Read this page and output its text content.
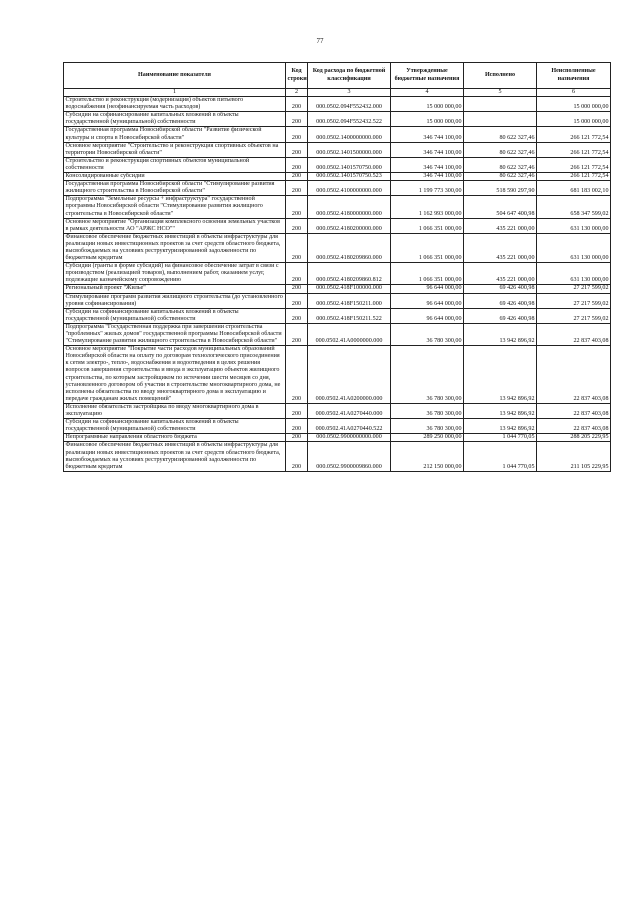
77
Наименование показателя	Код строки	Код расхода по бюджетной классификации	Утвержденные бюджетные назначения	Исполнено	Неисполненные назначения
1	2	3	4	5	6
Строительство и реконструкция (модернизация) объектов питьевого водоснабжения (неофинансируемая часть расходов)	200	000.0502.094F552432.000	15 000 000,00		15 000 000,00
Субсидии на софинансирование капитальных вложений в объекты государственной (муниципальной) собственности	200	000.0502.094F552432.522	15 000 000,00		15 000 000,00
Государственная программа Новосибирской области "Развитие физической культуры и спорта в Новосибирской области"	200	000.0502.1400000000.000	346 744 100,00	80 622 327,46	266 121 772,54
Основное мероприятие "Строительство и реконструкция спортивных объектов на территории Новосибирской области"	200	000.0502.1401500000.000	346 744 100,00	80 622 327,46	266 121 772,54
Строительство и реконструкция спортивных объектов муниципальной собственности	200	000.0502.1401570750.000	346 744 100,00	80 622 327,46	266 121 772,54
Консолидированные субсидии	200	000.0502.1401570750.523	346 744 100,00	80 622 327,46	266 121 772,54
Государственная программа Новосибирской области "Стимулирование развития жилищного строительства в Новосибирской области"	200	000.0502.4100000000.000	1 199 773 300,00	518 590 297,90	681 183 002,10
Подпрограмма "Земельные ресурсы + инфраструктура" государственной программы Новосибирской области "Стимулирование развития жилищного строительства в Новосибирской области"	200	000.0502.4180000000.000	1 162 993 000,00	504 647 400,98	658 347 599,02
Основное мероприятие "Организация комплексного освоения земельных участков в рамках деятельности АО "АРЖС НСО""	200	000.0502.4180200000.000	1 066 351 000,00	435 221 000,00	631 130 000,00
Финансовое обеспечение бюджетных инвестиций в объекты инфраструктуры для реализации новых инвестиционных проектов за счет средств областного бюджета, высвобождаемых на условиях реструктуризированной задолженности по бюджетным кредитам	200	000.0502.4180209860.000	1 066 351 000,00	435 221 000,00	631 130 000,00
Субсидии (гранты в форме субсидий) на финансовое обеспечение затрат в связи с производством (реализацией товаров), выполнением работ, оказанием услуг, подлежащие казначейскому сопровождению	200	000.0502.4180209860.812	1 066 351 000,00	435 221 000,00	631 130 000,00
Региональный проект "Жилье"	200	000.0502.418F100000.000	96 644 000,00	69 426 400,98	27 217 599,02
Стимулирование программ развития жилищного строительства (до установленного уровня софинансирования)	200	000.0502.418F150211.000	96 644 000,00	69 426 400,98	27 217 599,02
Субсидии на софинансирование капитальных вложений в объекты государственной (муниципальной) собственности	200	000.0502.418F150211.522	96 644 000,00	69 426 400,98	27 217 599,02
Подпрограмма "Государственная поддержка при завершении строительства "проблемных" жилых домов" государственной программы Новосибирской области "Стимулирование развития жилищного строительства в Новосибирской области"	200	000.0502.41A0000000.000	36 780 300,00	13 942 896,92	22 837 403,08
Основное мероприятие "Покрытие части расходов муниципальных образований Новосибирской области на оплату по договорам технологического присоединения к сетям электро-, тепло-, водоснабжения и водоотведения в целях решения вопросов завершения строительства и ввода в эксплуатацию объектов жилищного строительства, по которым застройщиком по истечении шести месяцев со дня, установленного договором об участии в строительстве многоквартирного дома, не исполнены обязательства по вводу многоквартирного дома в эксплуатацию и передаче гражданам жилых помещений"	200	000.0502.41A0200000.000	36 780 300,00	13 942 896,92	22 837 403,08
Исполнение обязательств застройщика по вводу многоквартирного дома в эксплуатацию	200	000.0502.41A0270440.000	36 780 300,00	13 942 896,92	22 837 403,08
Субсидии на софинансирование капитальных вложений в объекты государственной (муниципальной) собственности	200	000.0502.41A0270440.522	36 780 300,00	13 942 896,92	22 837 403,08
Непрограммные направления областного бюджета	200	000.0502.9900000000.000	289 250 000,00	1 044 770,05	288 205 229,95
Финансовое обеспечение бюджетных инвестиций в объекты инфраструктуры для реализации новых инвестиционных проектов за счет средств областного бюджета, высвобождаемых на условиях реструктуризированной задолженности по бюджетным кредитам	200	000.0502.9900009860.000	212 150 000,00	1 044 770,05	211 105 229,95
